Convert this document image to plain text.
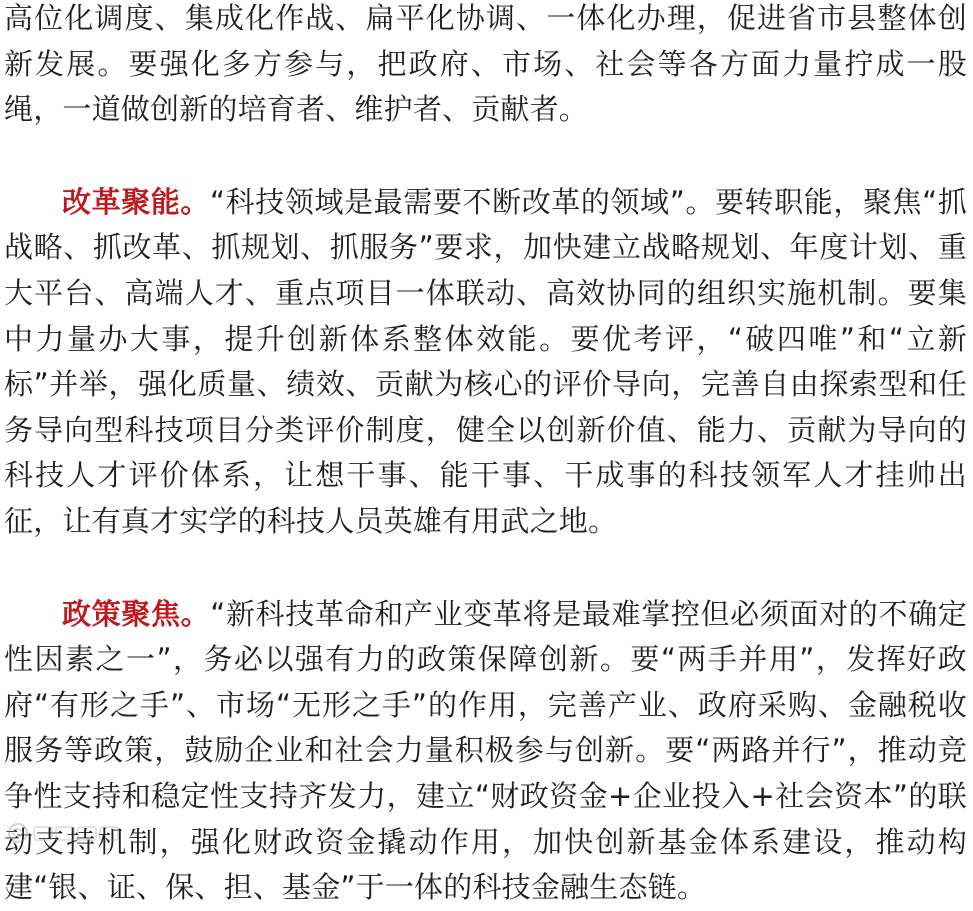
高位化调度、集成化作战、扁平化协调、一体化办理，促进省市县整体创新发展。要强化多方参与，把政府、市场、社会等各方面力量拧成一股绳，一道做创新的培育者、维护者、贡献者。

改革聚能。“科技领域是最需要不断改革的领域”。要转职能，聚焦“抓战略、抓改革、抓规划、抓服务”要求，加快建立战略规划、年度计划、重大平台、高端人才、重点项目一体联动、高效协同的组织实施机制。要集中力量办大事，提升创新体系整体效能。要优考评，“破四唯”和“立新标”并举，强化质量、绩效、贡献为核心的评价导向，完善自由探索型和任务导向型科技项目分类评价制度，健全以创新价值、能力、贡献为导向的科技人才评价体系，让想干事、能干事、干成事的科技领军人才挂帅出征，让有真才实学的科技人员英雄有用武之地。

政策聚焦。“新科技革命和产业变革将是最难掌控但必须面对的不确定性因素之一”，务必以强有力的政策保障创新。要“两手并用”，发挥好政府“有形之手”、市场“无形之手”的作用，完善产业、政府采购、金融税收服务等政策，鼓励企业和社会力量积极参与创新。要“两路并行”，推动竞争性支持和稳定性支持齐发力，建立“财政资金+企业投入+社会资本”的联动支持机制，强化财政资金撬动作用，加快创新基金体系建设，推动构建“银、证、保、担、基金”于一体的科技金融生态链。
